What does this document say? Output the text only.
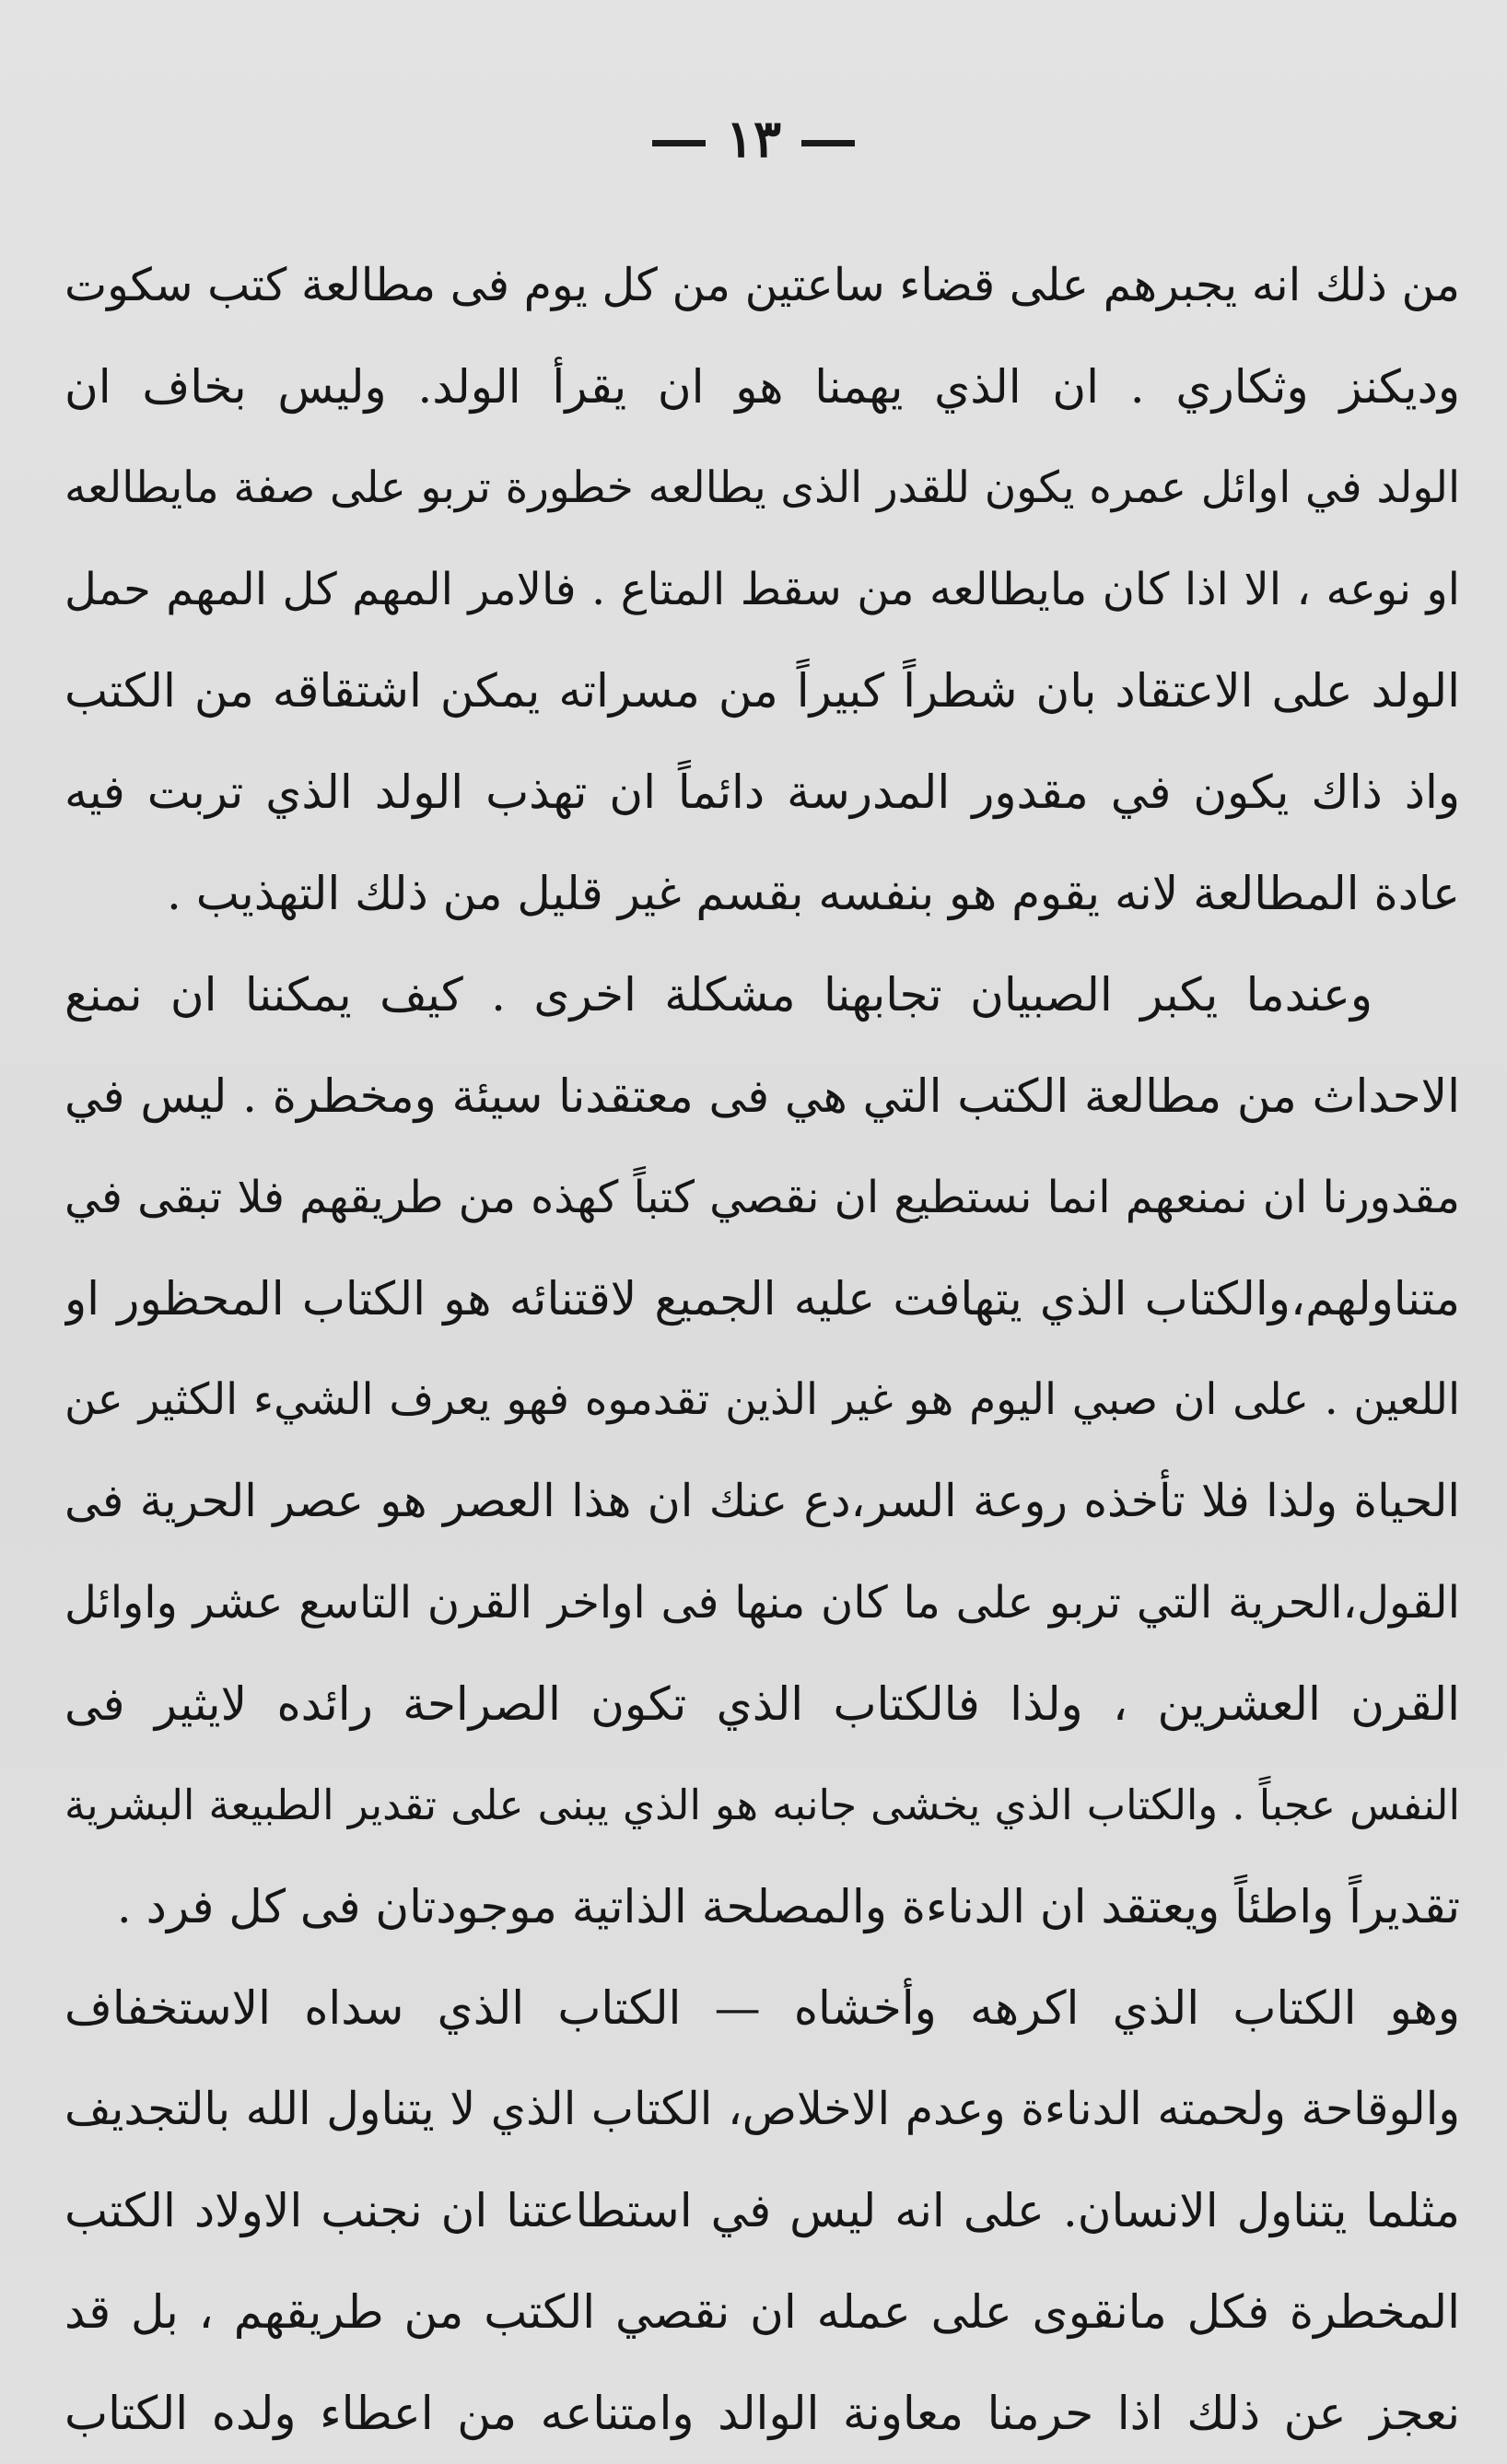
١٣
من ذلك انه يجبرهم على قضاء ساعتين من كل يوم فى مطالعة كتب سكوت
وديكنز وثكاري . ان الذي يهمنا هو ان يقرأ الولد. وليس بخاف ان
الولد في اوائل عمره يكون للقدر الذى يطالعه خطورة تربو على صفة مايطالعه
او نوعه ، الا اذا كان مايطالعه من سقط المتاع . فالامر المهم كل المهم حمل
الولد على الاعتقاد بان شطراً كبيراً من مسراته يمكن اشتقاقه من الكتب
واذ ذاك يكون في مقدور المدرسة دائماً ان تهذب الولد الذي تربت فيه
عادة المطالعة لانه يقوم هو بنفسه بقسم غير قليل من ذلك التهذيب .
وعندما يكبر الصبيان تجابهنا مشكلة اخرى . كيف يمكننا ان نمنع
الاحداث من مطالعة الكتب التي هي فى معتقدنا سيئة ومخطرة . ليس في
مقدورنا ان نمنعهم انما نستطيع ان نقصي كتباً كهذه من طريقهم فلا تبقى في
متناولهم،والكتاب الذي يتهافت عليه الجميع لاقتنائه هو الكتاب المحظور او
اللعين . على ان صبي اليوم هو غير الذين تقدموه فهو يعرف الشيء الكثير عن
الحياة ولذا فلا تأخذه روعة السر،دع عنك ان هذا العصر هو عصر الحرية فى
القول،الحرية التي تربو على ما كان منها فى اواخر القرن التاسع عشر واوائل
القرن العشرين ، ولذا فالكتاب الذي تكون الصراحة رائده لايثير فى
النفس عجباً . والكتاب الذي يخشى جانبه هو الذي يبنى على تقدير الطبيعة البشرية
تقديراً واطئاً ويعتقد ان الدناءة والمصلحة الذاتية موجودتان فى كل فرد .
وهو الكتاب الذي اكرهه وأخشاه — الكتاب الذي سداه الاستخفاف
والوقاحة ولحمته الدناءة وعدم الاخلاص، الكتاب الذي لا يتناول الله بالتجديف
مثلما يتناول الانسان. على انه ليس في استطاعتنا ان نجنب الاولاد الكتب
المخطرة فكل مانقوى على عمله ان نقصي الكتب من طريقهم ، بل قد
نعجز عن ذلك اذا حرمنا معاونة الوالد وامتناعه من اعطاء ولده الكتاب
